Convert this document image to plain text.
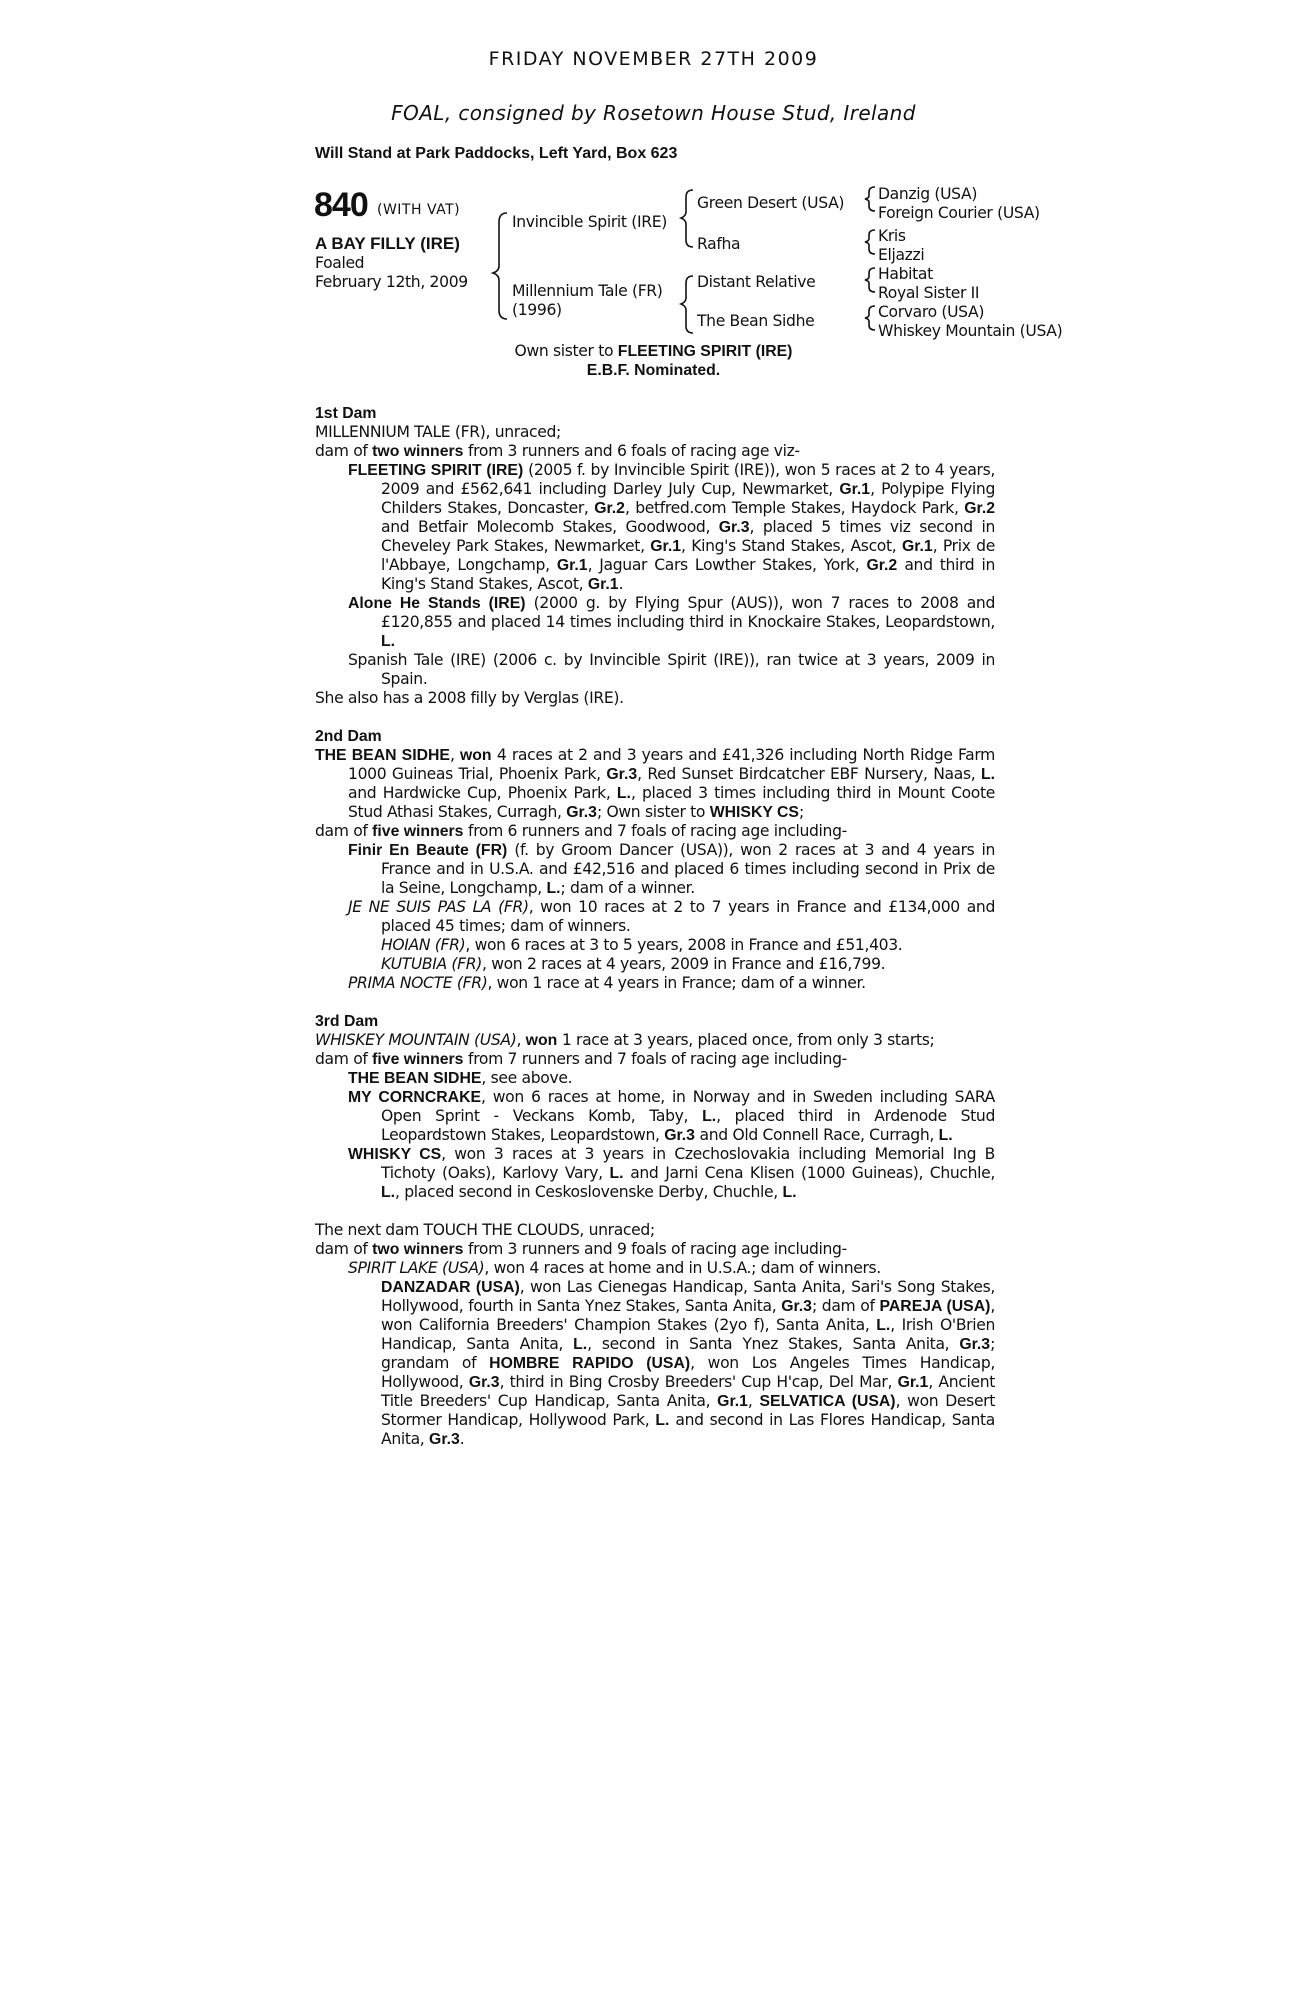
FRIDAY NOVEMBER 27TH 2009
FOAL, consigned by Rosetown House Stud, Ireland
Will Stand at Park Paddocks, Left Yard, Box 623
840 (WITH VAT)
A BAY FILLY (IRE)
Foaled
February 12th, 2009
Invincible Spirit (IRE)
Millennium Tale (FR)
(1996)
Green Desert (USA)
Rafha
Distant Relative
The Bean Sidhe
Danzig (USA)
Foreign Courier (USA)
Kris
Eljazzi
Habitat
Royal Sister II
Corvaro (USA)
Whiskey Mountain (USA)
Own sister to FLEETING SPIRIT (IRE)
E.B.F. Nominated.
1st Dam
MILLENNIUM TALE (FR), unraced;
dam of two winners from 3 runners and 6 foals of racing age viz-
FLEETING SPIRIT (IRE) (2005 f. by Invincible Spirit (IRE)), won 5 races at 2 to 4 years, 2009 and £562,641 including Darley July Cup, Newmarket, Gr.1, Polypipe Flying Childers Stakes, Doncaster, Gr.2, betfred.com Temple Stakes, Haydock Park, Gr.2 and Betfair Molecomb Stakes, Goodwood, Gr.3, placed 5 times viz second in Cheveley Park Stakes, Newmarket, Gr.1, King's Stand Stakes, Ascot, Gr.1, Prix de l'Abbaye, Longchamp, Gr.1, Jaguar Cars Lowther Stakes, York, Gr.2 and third in King's Stand Stakes, Ascot, Gr.1.
Alone He Stands (IRE) (2000 g. by Flying Spur (AUS)), won 7 races to 2008 and £120,855 and placed 14 times including third in Knockaire Stakes, Leopardstown, L.
Spanish Tale (IRE) (2006 c. by Invincible Spirit (IRE)), ran twice at 3 years, 2009 in Spain.
She also has a 2008 filly by Verglas (IRE).
2nd Dam
THE BEAN SIDHE, won 4 races at 2 and 3 years and £41,326 including North Ridge Farm 1000 Guineas Trial, Phoenix Park, Gr.3, Red Sunset Birdcatcher EBF Nursery, Naas, L. and Hardwicke Cup, Phoenix Park, L., placed 3 times including third in Mount Coote Stud Athasi Stakes, Curragh, Gr.3; Own sister to WHISKY CS;
dam of five winners from 6 runners and 7 foals of racing age including-
Finir En Beaute (FR) (f. by Groom Dancer (USA)), won 2 races at 3 and 4 years in France and in U.S.A. and £42,516 and placed 6 times including second in Prix de la Seine, Longchamp, L.; dam of a winner.
JE NE SUIS PAS LA (FR), won 10 races at 2 to 7 years in France and £134,000 and placed 45 times; dam of winners.
HOIAN (FR), won 6 races at 3 to 5 years, 2008 in France and £51,403.
KUTUBIA (FR), won 2 races at 4 years, 2009 in France and £16,799.
PRIMA NOCTE (FR), won 1 race at 4 years in France; dam of a winner.
3rd Dam
WHISKEY MOUNTAIN (USA), won 1 race at 3 years, placed once, from only 3 starts;
dam of five winners from 7 runners and 7 foals of racing age including-
THE BEAN SIDHE, see above.
MY CORNCRAKE, won 6 races at home, in Norway and in Sweden including SARA Open Sprint - Veckans Komb, Taby, L., placed third in Ardenode Stud Leopardstown Stakes, Leopardstown, Gr.3 and Old Connell Race, Curragh, L.
WHISKY CS, won 3 races at 3 years in Czechoslovakia including Memorial Ing B Tichoty (Oaks), Karlovy Vary, L. and Jarni Cena Klisen (1000 Guineas), Chuchle, L., placed second in Ceskoslovenske Derby, Chuchle, L.
The next dam TOUCH THE CLOUDS, unraced;
dam of two winners from 3 runners and 9 foals of racing age including-
SPIRIT LAKE (USA), won 4 races at home and in U.S.A.; dam of winners.
DANZADAR (USA), won Las Cienegas Handicap, Santa Anita, Sari's Song Stakes, Hollywood, fourth in Santa Ynez Stakes, Santa Anita, Gr.3; dam of PAREJA (USA), won California Breeders' Champion Stakes (2yo f), Santa Anita, L., Irish O'Brien Handicap, Santa Anita, L., second in Santa Ynez Stakes, Santa Anita, Gr.3; grandam of HOMBRE RAPIDO (USA), won Los Angeles Times Handicap, Hollywood, Gr.3, third in Bing Crosby Breeders' Cup H'cap, Del Mar, Gr.1, Ancient Title Breeders' Cup Handicap, Santa Anita, Gr.1, SELVATICA (USA), won Desert Stormer Handicap, Hollywood Park, L. and second in Las Flores Handicap, Santa Anita, Gr.3.
